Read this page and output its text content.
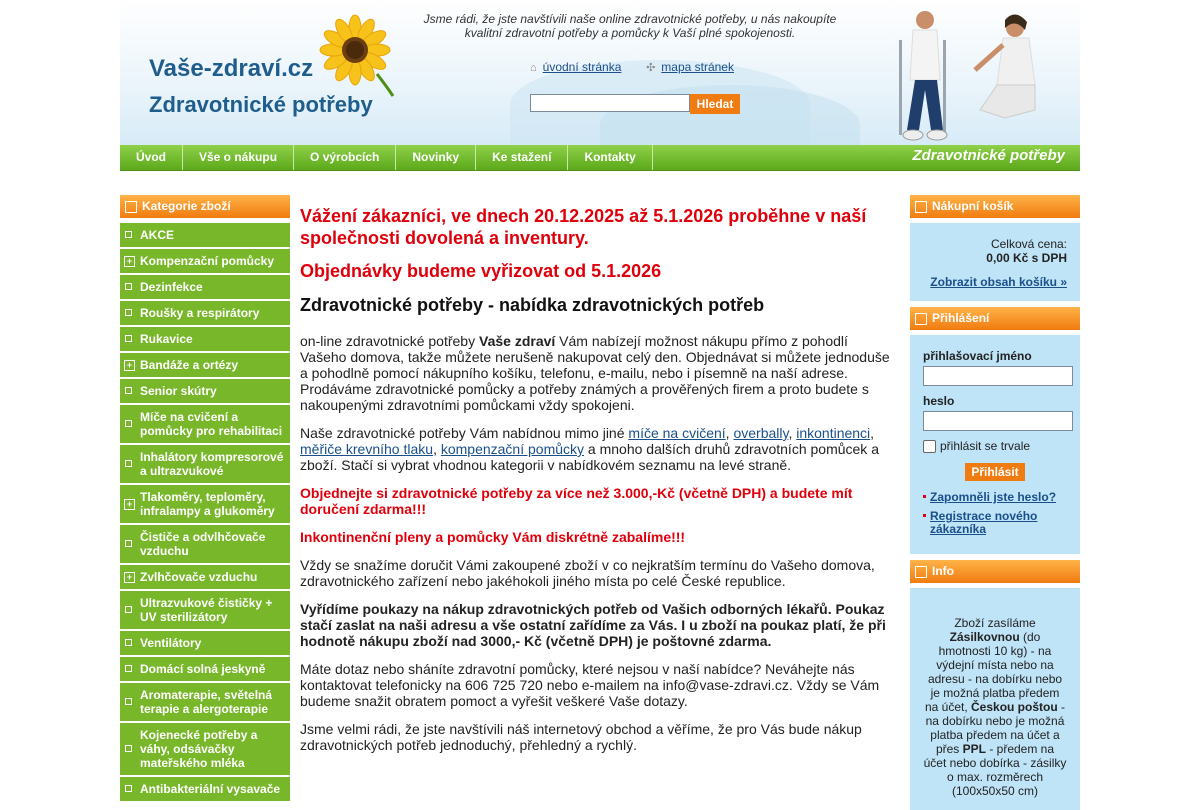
Vaše-zdraví.cz
Zdravotnické potřeby
Jsme rádi, že jste navštívili naše online zdravotnické potřeby, u nás nakoupíte kvalitní zdravotní potřeby a pomůcky k Vaší plné spokojenosti.
⌂ úvodní stránka ✣ mapa stránek
Hledat
Úvod	Vše o nákupu	O výrobcích	Novinky	Ke stažení	Kontakty	Zdravotnické potřeby
Kategorie zboží
AKCE
+ Kompenzační pomůcky
Dezinfekce
Roušky a respirátory
Rukavice
+ Bandáže a ortézy
Senior skútry
Míče na cvičení a pomůcky pro rehabilitaci
Inhalátory kompresorové a ultrazvukové
+ Tlakoměry, teploměry, infralampy a glukoměry
Čističe a odvlhčovače vzduchu
+ Zvlhčovače vzduchu
Ultrazvukové čističky + UV sterilizátory
Ventilátory
Domácí solná jeskyně
Aromaterapie, světelná terapie a alergoterapie
Kojenecké potřeby a váhy, odsávačky mateřského mléka
Antibakteriální vysavače
Vážení zákazníci, ve dnech 20.12.2025 až 5.1.2026 proběhne v naší společnosti dovolená a inventury.
Objednávky budeme vyřizovat od 5.1.2026
Zdravotnické potřeby - nabídka zdravotnických potřeb

on-line zdravotnické potřeby Vaše zdraví Vám nabízejí možnost nákupu přímo z pohodlí Vašeho domova, takže můžete nerušeně nakupovat celý den. Objednávat si můžete jednoduše a pohodlně pomocí nákupního košíku, telefonu, e-mailu, nebo i písemně na naší adrese. Prodáváme zdravotnické pomůcky a potřeby známých a prověřených firem a proto budete s nakoupenými zdravotními pomůckami vždy spokojeni.

Naše zdravotnické potřeby Vám nabídnou mimo jiné míče na cvičení, overbally, inkontinenci, měřiče krevního tlaku, kompenzační pomůcky a mnoho dalších druhů zdravotních pomůcek a zboží. Stačí si vybrat vhodnou kategorii v nabídkovém seznamu na levé straně.

Objednejte si zdravotnické potřeby za více než 3.000,-Kč (včetně DPH) a budete mít doručení zdarma!!!

Inkontinenční pleny a pomůcky Vám diskrétně zabalíme!!!

Vždy se snažíme doručit Vámi zakoupené zboží v co nejkratším termínu do Vašeho domova, zdravotnického zařízení nebo jakéhokoli jiného místa po celé České republice.

Vyřídíme poukazy na nákup zdravotnických potřeb od Vašich odborných lékařů. Poukaz stačí zaslat na naši adresu a vše ostatní zařídíme za Vás. I u zboží na poukaz platí, že při hodnotě nákupu zboží nad 3000,- Kč (včetně DPH) je poštovné zdarma.

Máte dotaz nebo sháníte zdravotní pomůcky, které nejsou v naší nabídce? Neváhejte nás kontaktovat telefonicky na 606 725 720 nebo e-mailem na info@vase-zdravi.cz. Vždy se Vám budeme snažit obratem pomoct a vyřešit veškeré Vaše dotazy.

Jsme velmi rádi, že jste navštívili náš internetový obchod a věříme, že pro Vás bude nákup zdravotnických potřeb jednoduchý, přehledný a rychlý.

Nákupní košík
Celková cena:
0,00 Kč s DPH
Zobrazit obsah košíku »
Přihlášení
přihlašovací jméno
heslo
přihlásit se trvale
Přihlásit
Zapomněli jste heslo?
Registrace nového zákazníka
Info
Zboží zasíláme Zásilkovnou (do hmotnosti 10 kg) - na výdejní místa nebo na adresu - na dobírku nebo je možná platba předem na účet, Českou poštou - na dobírku nebo je možná platba předem na účet a přes PPL - předem na účet nebo dobírka - zásilky o max. rozměrech (100x50x50 cm)
